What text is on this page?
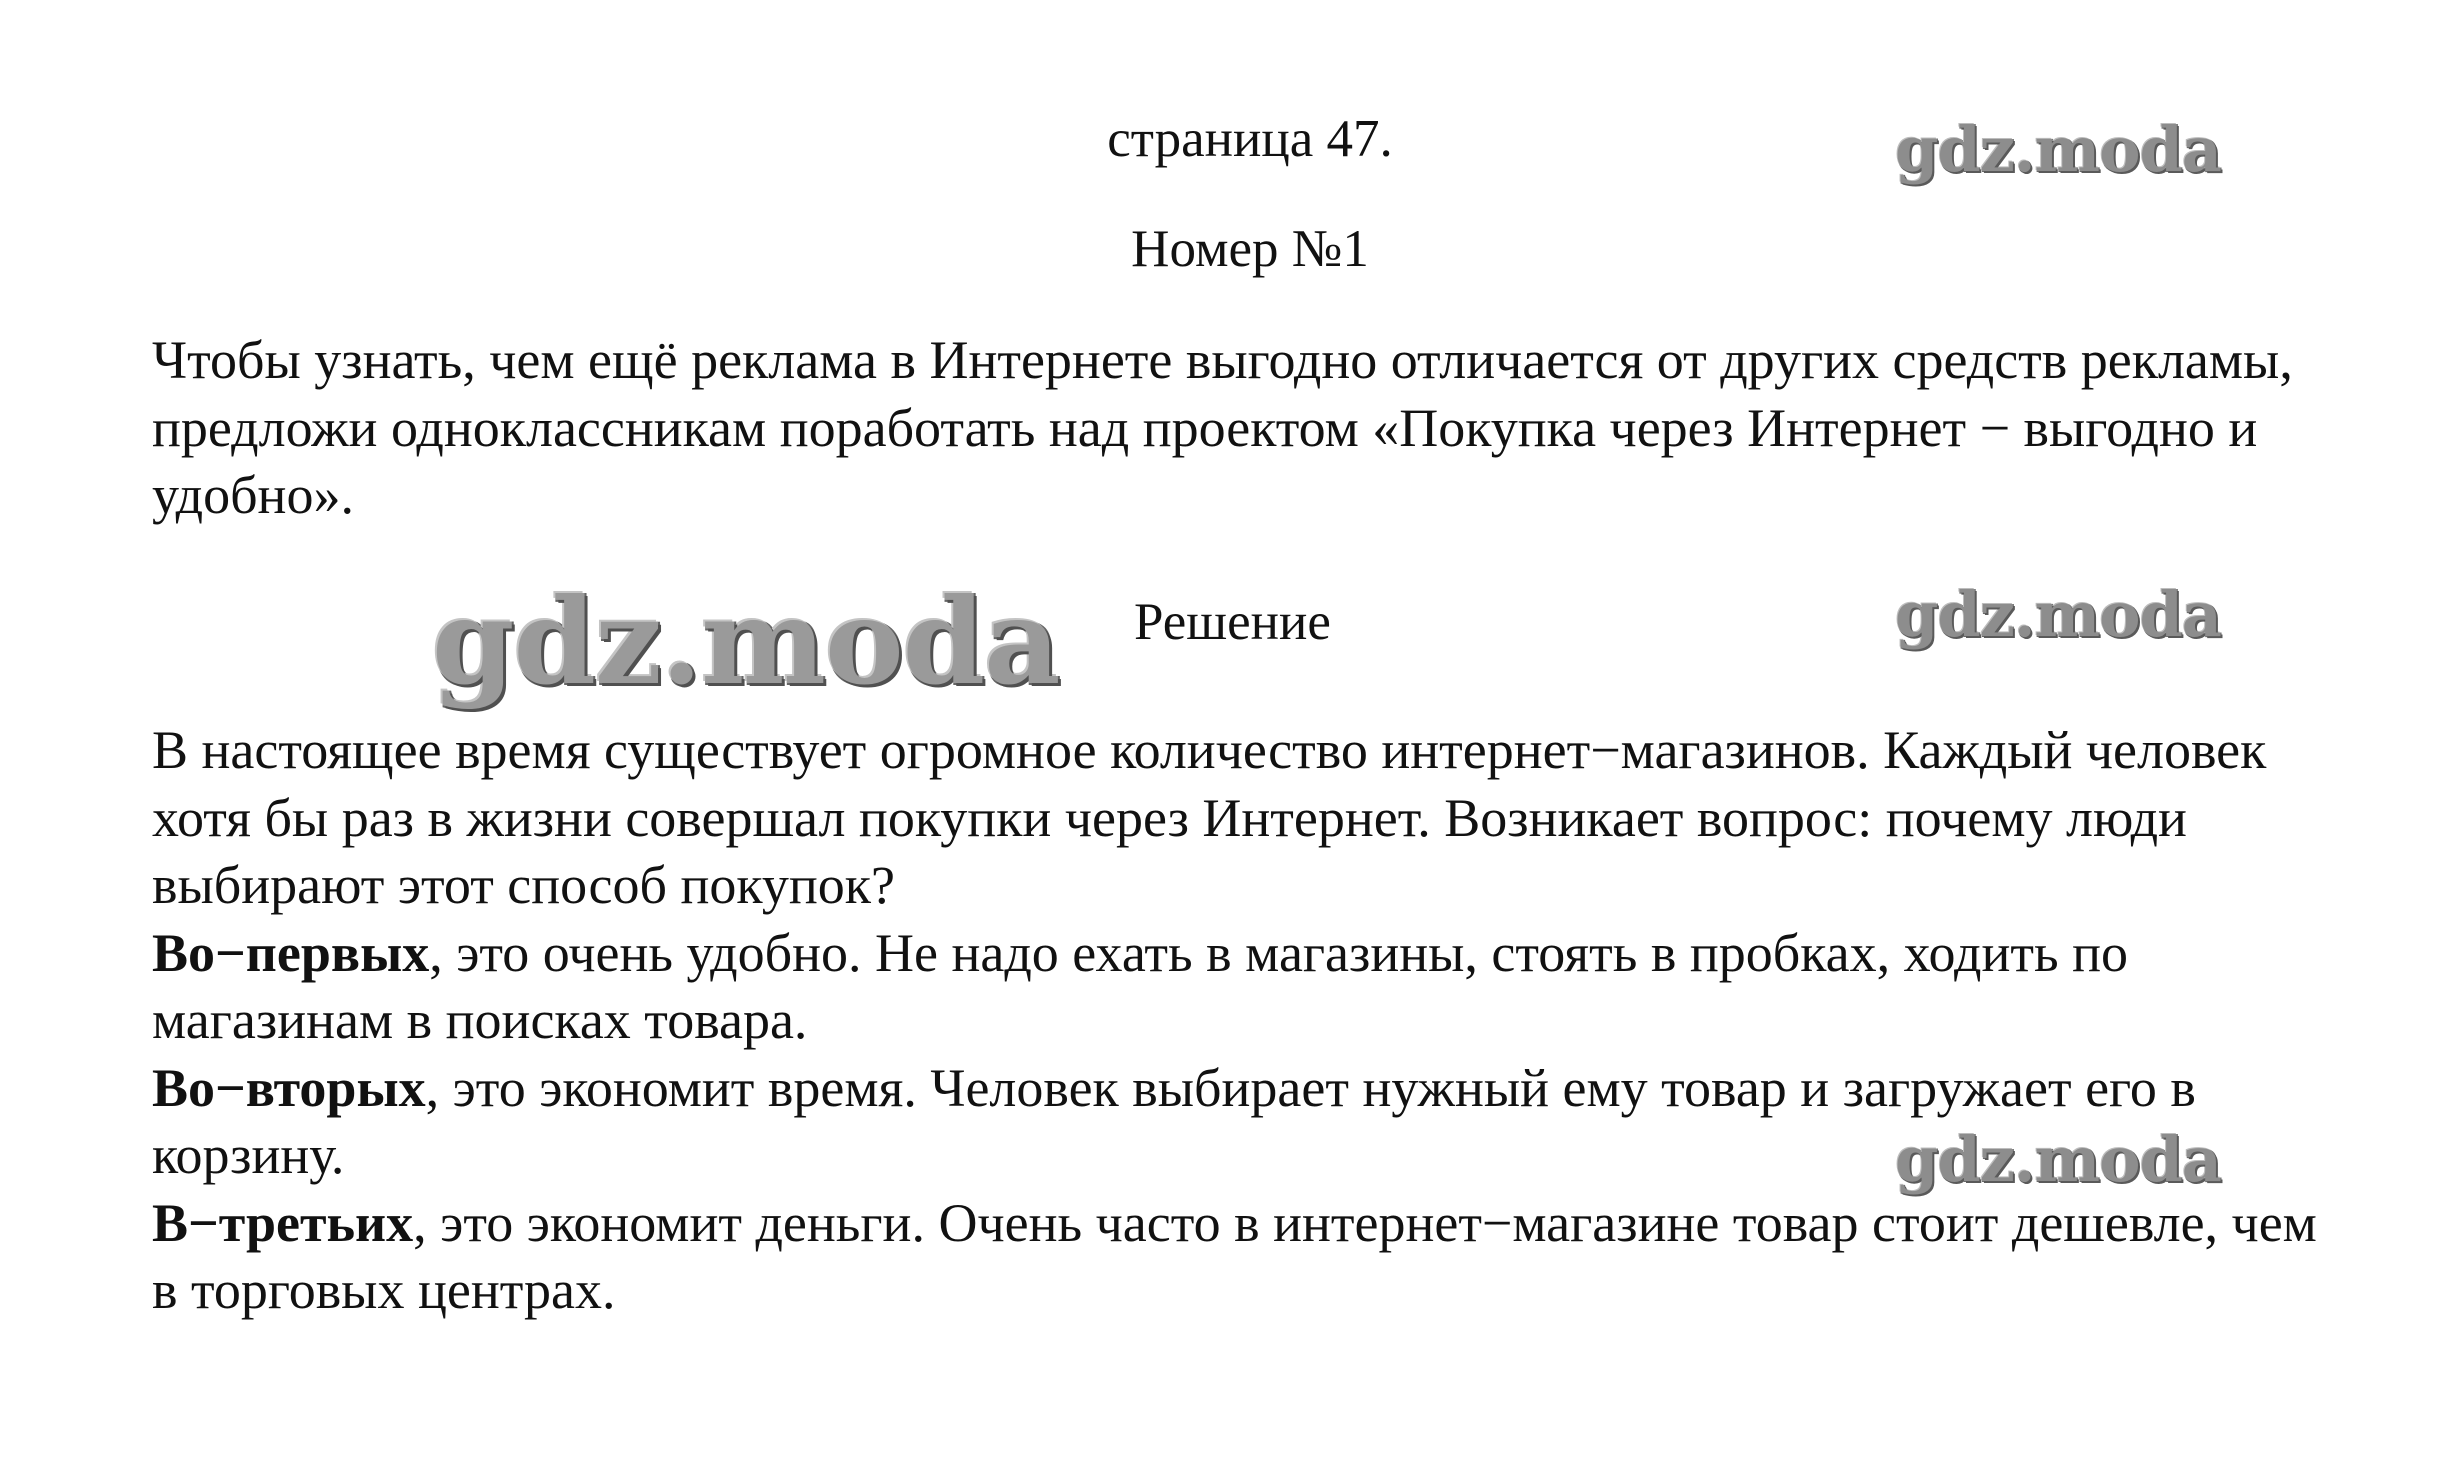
страница 47.
Номер №1

Чтобы узнать, чем ещё реклама в Интернете выгодно отличается от других средств рекламы, предложи одноклассникам поработать над проектом «Покупка через Интернет − выгодно и удобно».

Решение

В настоящее время существует огромное количество интернет−магазинов. Каждый человек хотя бы раз в жизни совершал покупки через Интернет. Возникает вопрос: почему люди выбирают этот способ покупок?

Во−первых, это очень удобно. Не надо ехать в магазины, стоять в пробках, ходить по магазинам в поисках товара.

Во−вторых, это экономит время. Человек выбирает нужный ему товар и загружает его в корзину.

В−третьих, это экономит деньги. Очень часто в интернет−магазине товар стоит дешевле, чем в торговых центрах.

gdz.moda
gdz.moda	gdz.moda
gdz.moda
